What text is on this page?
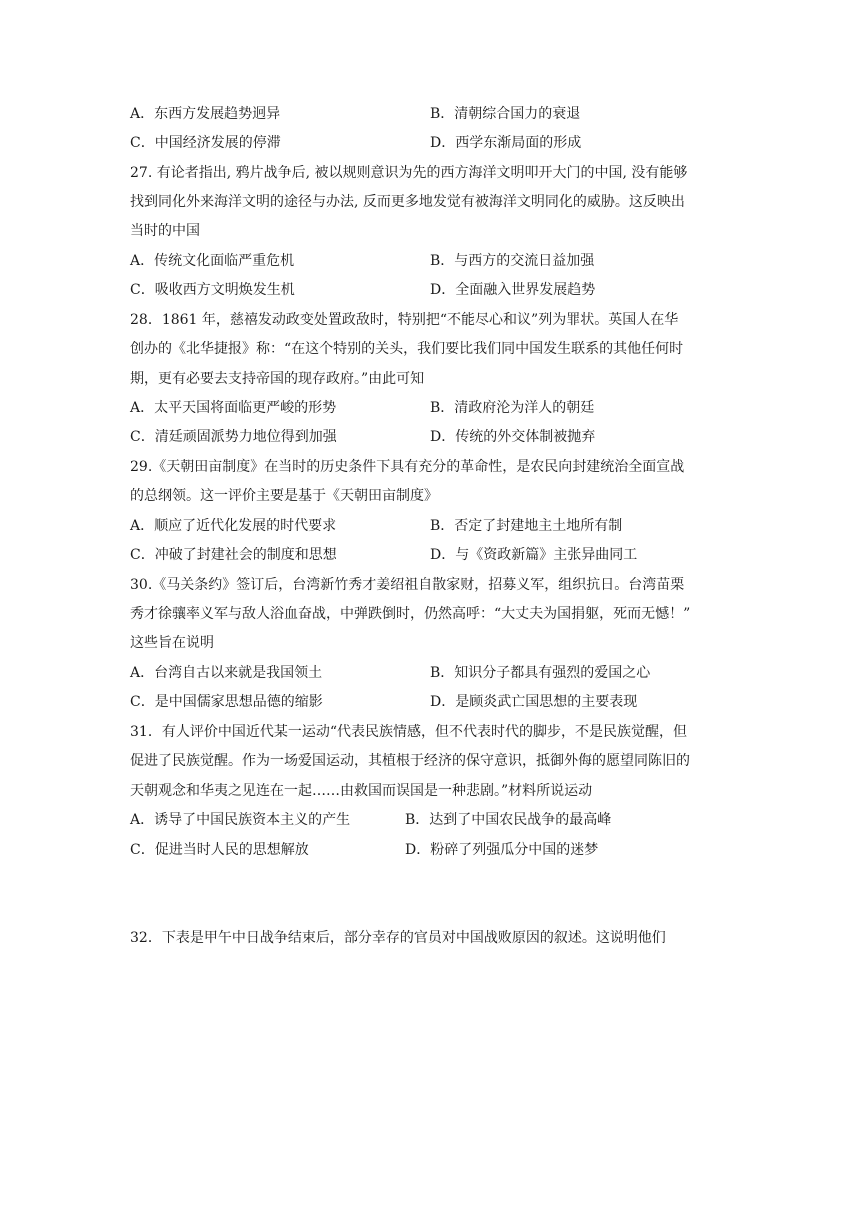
A．东西方发展趋势迥异	B．清朝综合国力的衰退
C．中国经济发展的停滞	D．西学东渐局面的形成
27. 有论者指出, 鸦片战争后, 被以规则意识为先的西方海洋文明叩开大门的中国, 没有能够
找到同化外来海洋文明的途径与办法, 反而更多地发觉有被海洋文明同化的威胁。这反映出
当时的中国
A．传统文化面临严重危机	B．与西方的交流日益加强
C．吸收西方文明焕发生机	D．全面融入世界发展趋势
28．1861 年，慈禧发动政变处置政敌时，特别把“不能尽心和议”列为罪状。英国人在华
创办的《北华捷报》称：“在这个特别的关头，我们要比我们同中国发生联系的其他任何时
期，更有必要去支持帝国的现存政府。”由此可知
A．太平天国将面临更严峻的形势	B．清政府沦为洋人的朝廷
C．清廷顽固派势力地位得到加强	D．传统的外交体制被抛弃
29.《天朝田亩制度》在当时的历史条件下具有充分的革命性，是农民向封建统治全面宣战
的总纲领。这一评价主要是基于《天朝田亩制度》
A．顺应了近代化发展的时代要求	B．否定了封建地主土地所有制
C．冲破了封建社会的制度和思想	D．与《资政新篇》主张异曲同工
30.《马关条约》签订后，台湾新竹秀才姜绍祖自散家财，招募义军，组织抗日。台湾苗栗
秀才徐骧率义军与敌人浴血奋战，中弹跌倒时，仍然高呼：“大丈夫为国捐躯，死而无憾！”
这些旨在说明
A．台湾自古以来就是我国领土	B．知识分子都具有强烈的爱国之心
C．是中国儒家思想品德的缩影	D．是顾炎武亡国思想的主要表现
31．有人评价中国近代某一运动“代表民族情感，但不代表时代的脚步，不是民族觉醒，但
促进了民族觉醒。作为一场爱国运动，其植根于经济的保守意识，抵御外侮的愿望同陈旧的
天朝观念和华夷之见连在一起……由救国而误国是一种悲剧。”材料所说运动
A．诱导了中国民族资本主义的产生	B．达到了中国农民战争的最高峰
C．促进当时人民的思想解放	D．粉碎了列强瓜分中国的迷梦
32．下表是甲午中日战争结束后，部分幸存的官员对中国战败原因的叙述。这说明他们
